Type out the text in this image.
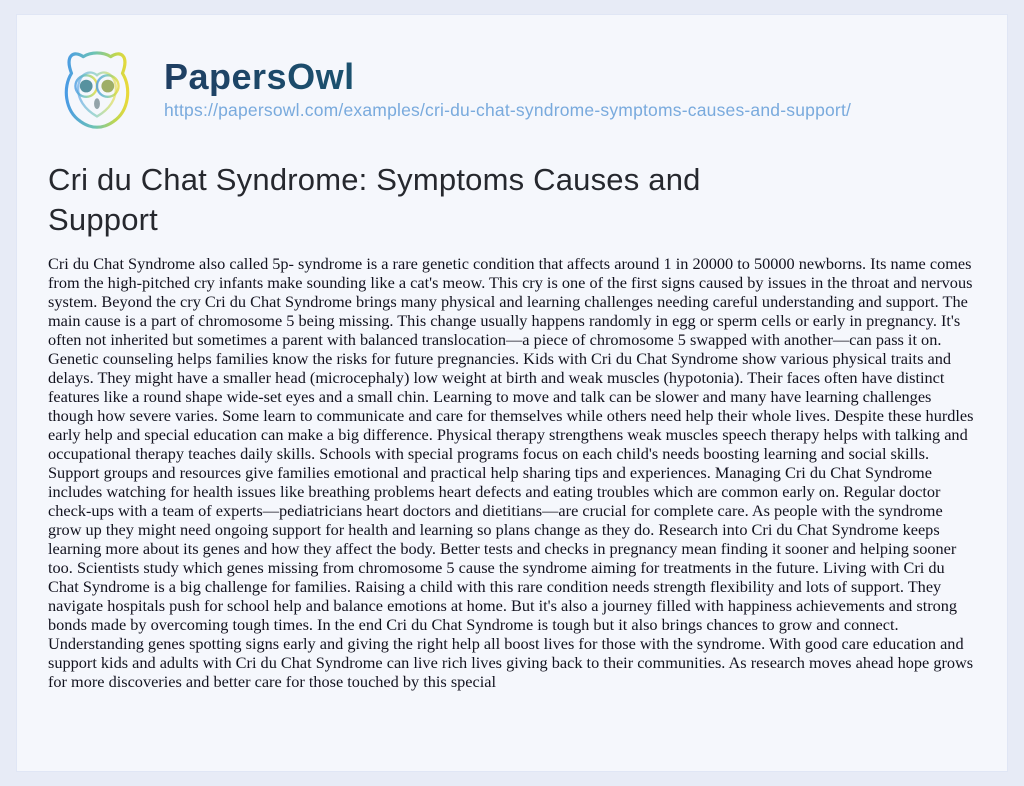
PapersOwl
https://papersowl.com/examples/cri-du-chat-syndrome-symptoms-causes-and-support/
Cri du Chat Syndrome: Symptoms Causes and Support

Cri du Chat Syndrome also called 5p- syndrome is a rare genetic condition that affects around 1 in 20000 to 50000 newborns. Its name comes from the high-pitched cry infants make sounding like a cat's meow. This cry is one of the first signs caused by issues in the throat and nervous system. Beyond the cry Cri du Chat Syndrome brings many physical and learning challenges needing careful understanding and support. The main cause is a part of chromosome 5 being missing. This change usually happens randomly in egg or sperm cells or early in pregnancy. It's often not inherited but sometimes a parent with balanced translocation—a piece of chromosome 5 swapped with another—can pass it on. Genetic counseling helps families know the risks for future pregnancies. Kids with Cri du Chat Syndrome show various physical traits and delays. They might have a smaller head (microcephaly) low weight at birth and weak muscles (hypotonia). Their faces often have distinct features like a round shape wide-set eyes and a small chin. Learning to move and talk can be slower and many have learning challenges though how severe varies. Some learn to communicate and care for themselves while others need help their whole lives. Despite these hurdles early help and special education can make a big difference. Physical therapy strengthens weak muscles speech therapy helps with talking and occupational therapy teaches daily skills. Schools with special programs focus on each child's needs boosting learning and social skills. Support groups and resources give families emotional and practical help sharing tips and experiences. Managing Cri du Chat Syndrome includes watching for health issues like breathing problems heart defects and eating troubles which are common early on. Regular doctor check-ups with a team of experts—pediatricians heart doctors and dietitians—are crucial for complete care. As people with the syndrome grow up they might need ongoing support for health and learning so plans change as they do. Research into Cri du Chat Syndrome keeps learning more about its genes and how they affect the body. Better tests and checks in pregnancy mean finding it sooner and helping sooner too. Scientists study which genes missing from chromosome 5 cause the syndrome aiming for treatments in the future. Living with Cri du Chat Syndrome is a big challenge for families. Raising a child with this rare condition needs strength flexibility and lots of support. They navigate hospitals push for school help and balance emotions at home. But it's also a journey filled with happiness achievements and strong bonds made by overcoming tough times. In the end Cri du Chat Syndrome is tough but it also brings chances to grow and connect. Understanding genes spotting signs early and giving the right help all boost lives for those with the syndrome. With good care education and support kids and adults with Cri du Chat Syndrome can live rich lives giving back to their communities. As research moves ahead hope grows for more discoveries and better care for those touched by this special
